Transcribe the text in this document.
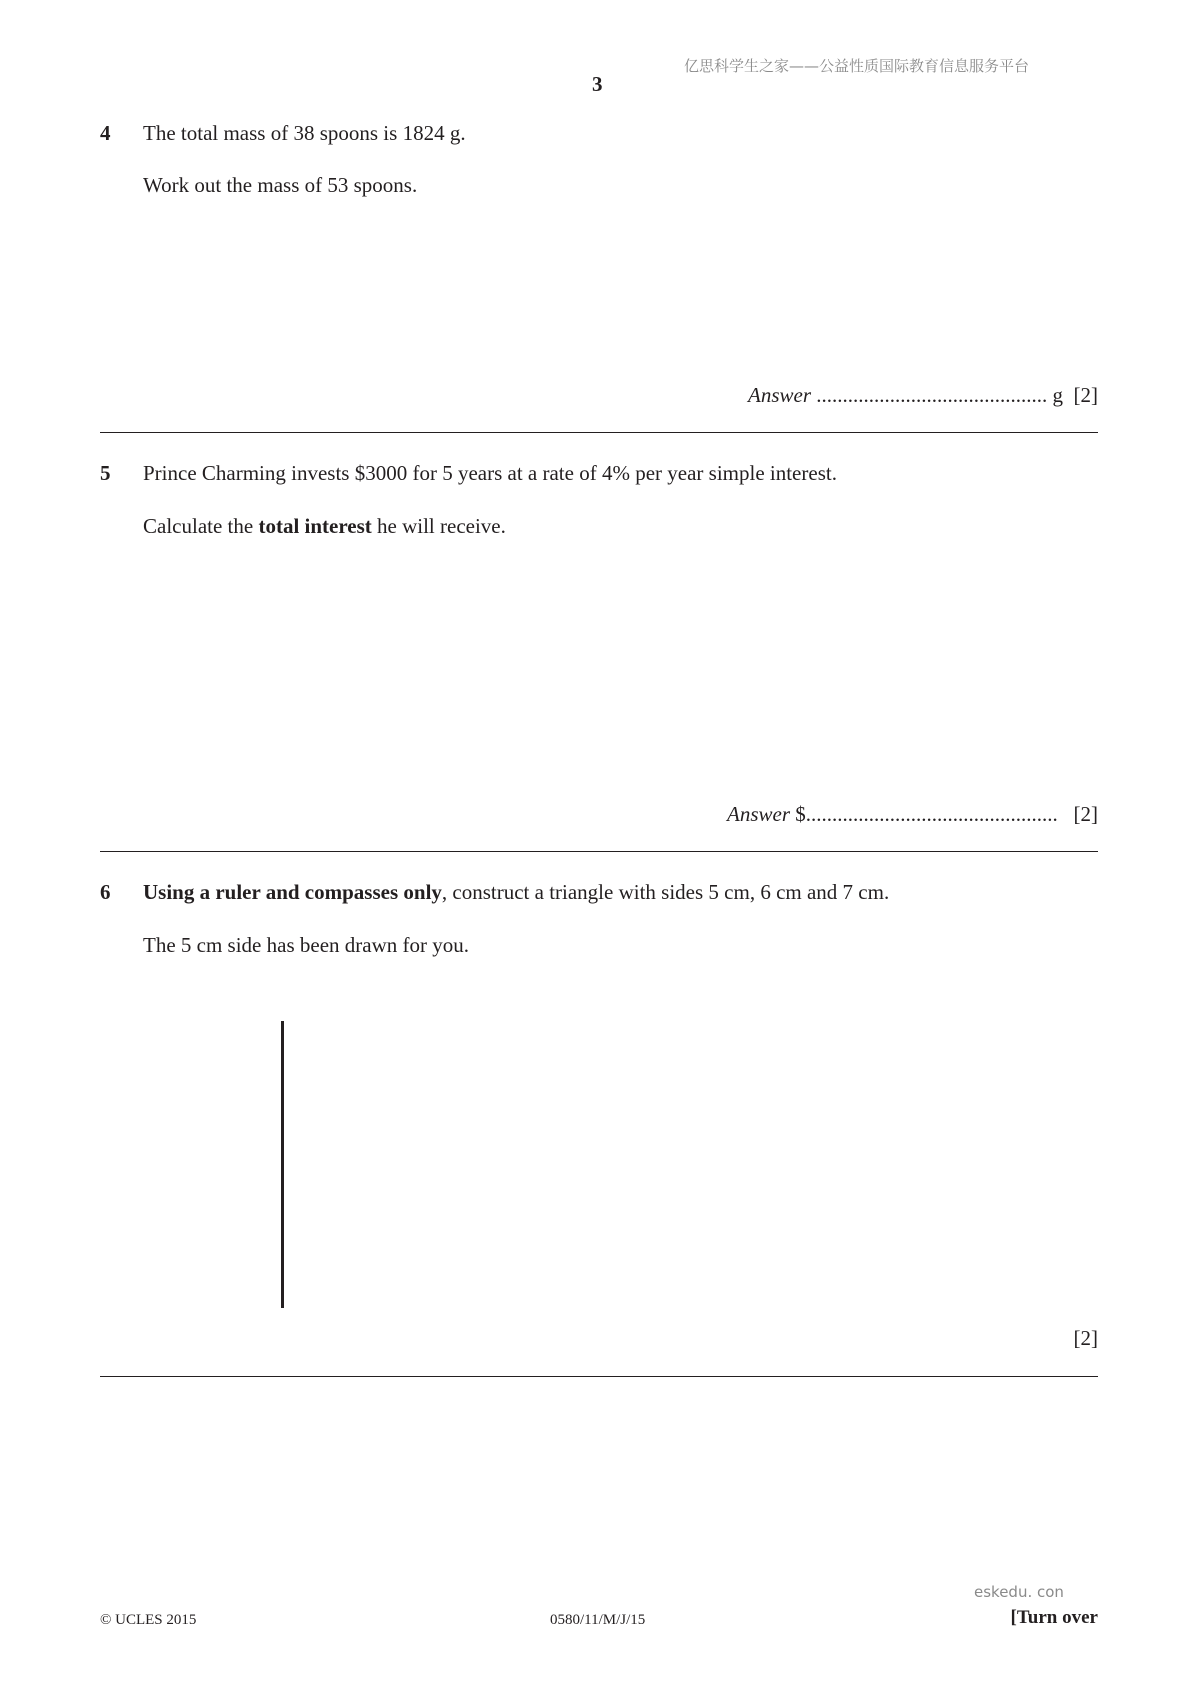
亿思科学生之家——公益性质国际教育信息服务平台
3
4 The total mass of 38 spoons is 1824 g.
Work out the mass of 53 spoons.
Answer ............................................ g [2]
5 Prince Charming invests $3000 for 5 years at a rate of 4% per year simple interest.
Calculate the total interest he will receive.
Answer $................................................ [2]
6 Using a ruler and compasses only, construct a triangle with sides 5 cm, 6 cm and 7 cm.
The 5 cm side has been drawn for you.
[2]
eskedu. con
© UCLES 2015	0580/11/M/J/15	[Turn over
